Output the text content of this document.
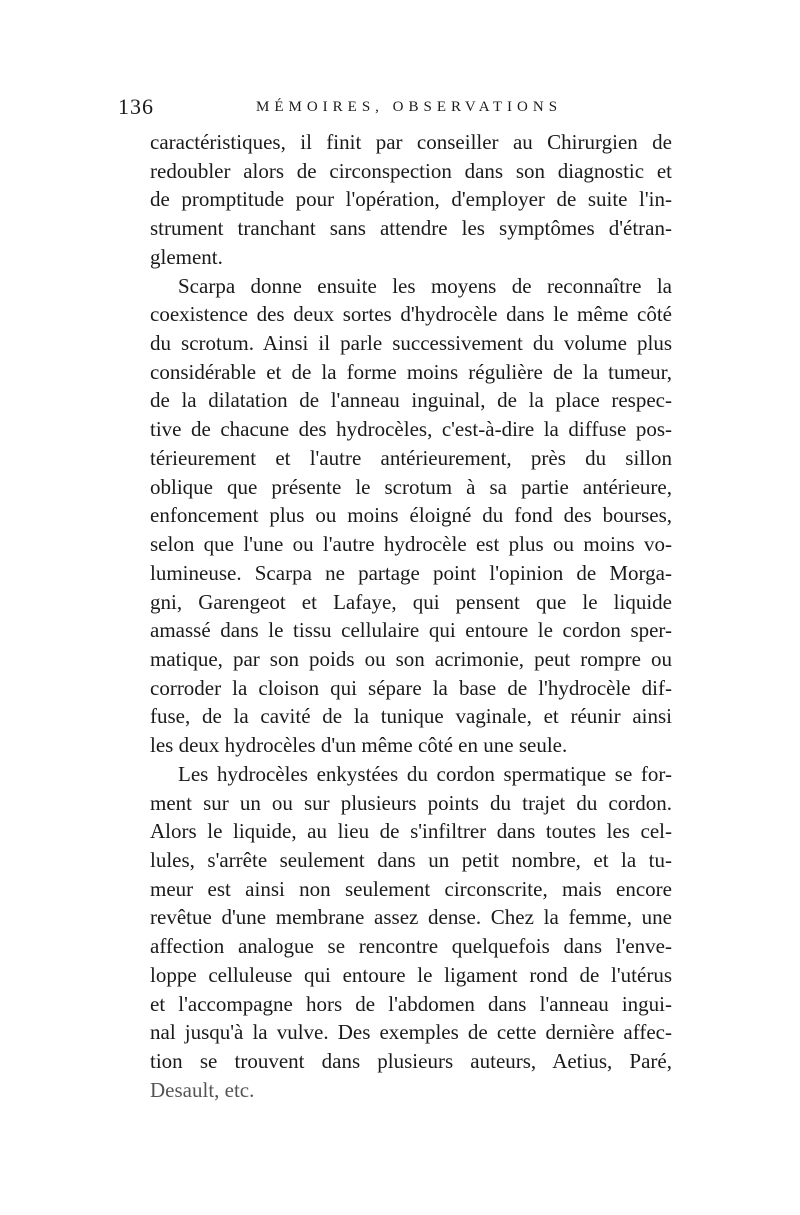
136	MÉMOIRES, OBSERVATIONS
caractéristiques, il finit par conseiller au Chirurgien de
redoubler alors de circonspection dans son diagnostic et
de promptitude pour l'opération, d'employer de suite l'in-
strument tranchant sans attendre les symptômes d'étran-
glement.
Scarpa donne ensuite les moyens de reconnaître la
coexistence des deux sortes d'hydrocèle dans le même côté
du scrotum. Ainsi il parle successivement du volume plus
considérable et de la forme moins régulière de la tumeur,
de la dilatation de l'anneau inguinal, de la place respec-
tive de chacune des hydrocèles, c'est-à-dire la diffuse pos-
térieurement et l'autre antérieurement, près du sillon
oblique que présente le scrotum à sa partie antérieure,
enfoncement plus ou moins éloigné du fond des bourses,
selon que l'une ou l'autre hydrocèle est plus ou moins vo-
lumineuse. Scarpa ne partage point l'opinion de Morga-
gni, Garengeot et Lafaye, qui pensent que le liquide
amassé dans le tissu cellulaire qui entoure le cordon sper-
matique, par son poids ou son acrimonie, peut rompre ou
corroder la cloison qui sépare la base de l'hydrocèle dif-
fuse, de la cavité de la tunique vaginale, et réunir ainsi
les deux hydrocèles d'un même côté en une seule.
Les hydrocèles enkystées du cordon spermatique se for-
ment sur un ou sur plusieurs points du trajet du cordon.
Alors le liquide, au lieu de s'infiltrer dans toutes les cel-
lules, s'arrête seulement dans un petit nombre, et la tu-
meur est ainsi non seulement circonscrite, mais encore
revêtue d'une membrane assez dense. Chez la femme, une
affection analogue se rencontre quelquefois dans l'enve-
loppe celluleuse qui entoure le ligament rond de l'utérus
et l'accompagne hors de l'abdomen dans l'anneau ingui-
nal jusqu'à la vulve. Des exemples de cette dernière affec-
tion se trouvent dans plusieurs auteurs, Aetius, Paré,
Desault, etc.
